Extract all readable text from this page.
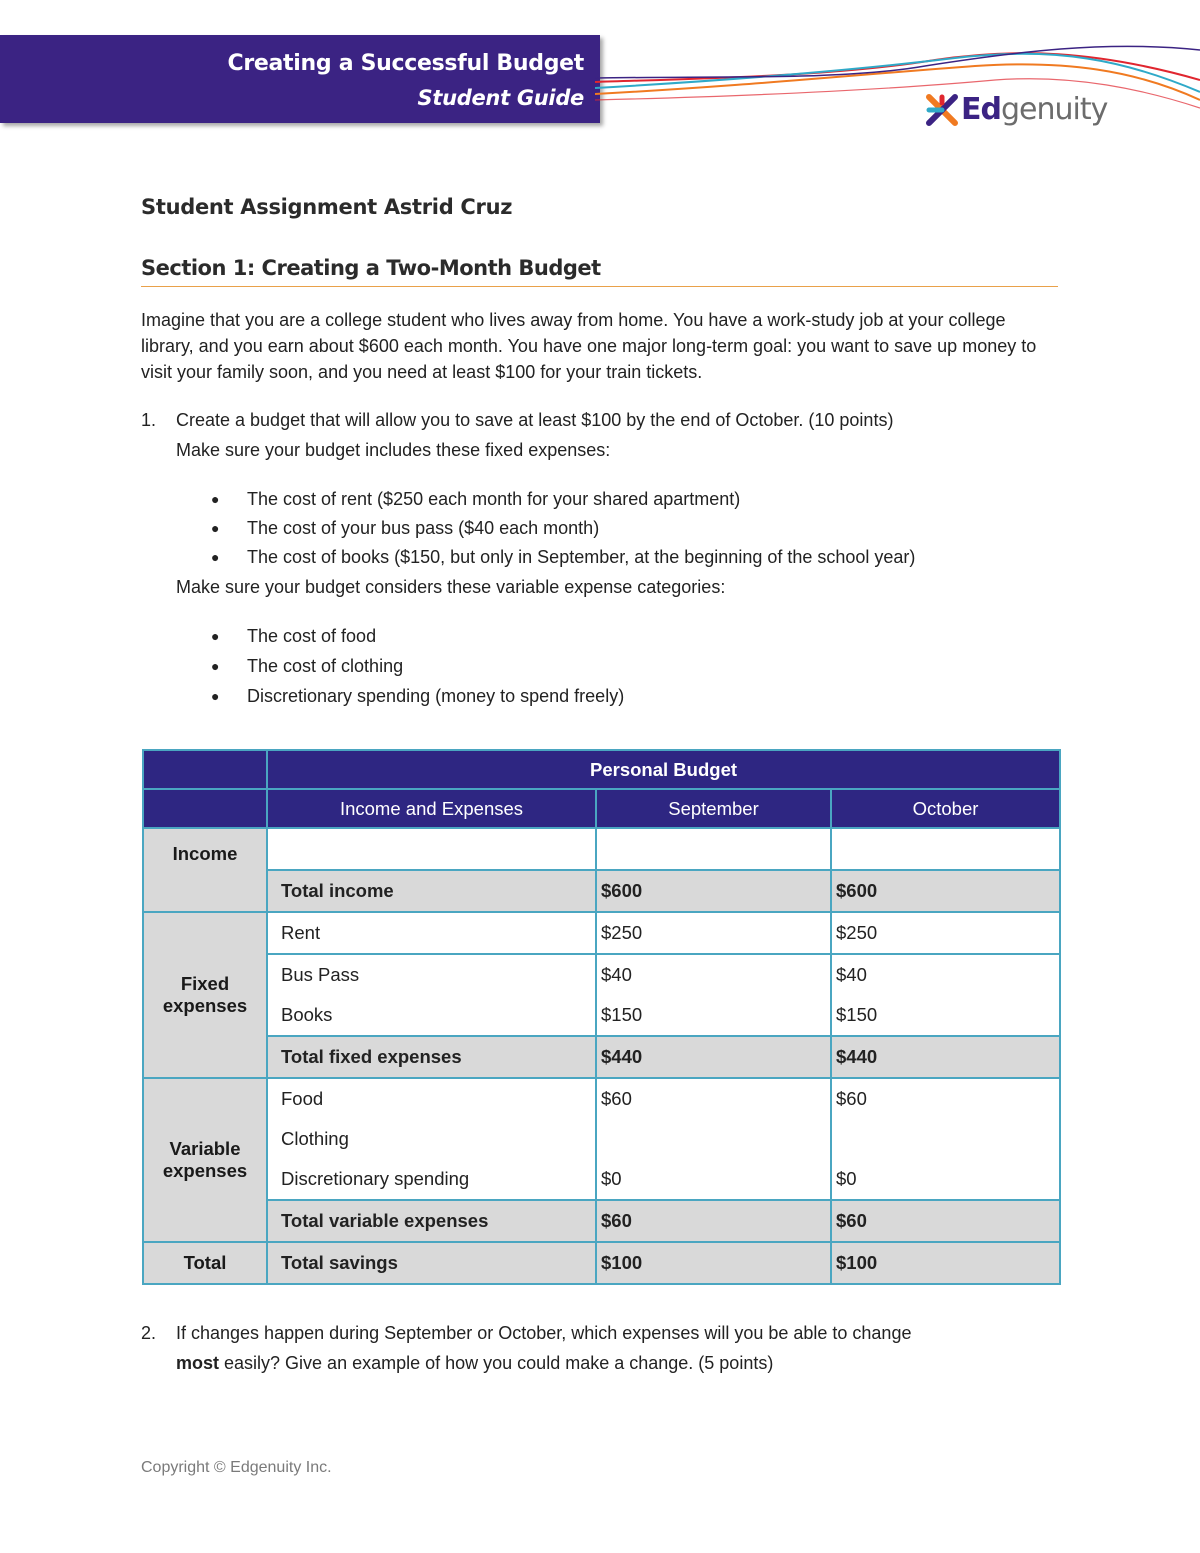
Creating a Successful Budget
Student Guide	Edgenuity
Student Assignment Astrid Cruz
Section 1: Creating a Two-Month Budget
Imagine that you are a college student who lives away from home. You have a work-study job at your college library, and you earn about $600 each month. You have one major long-term goal: you want to save up money to visit your family soon, and you need at least $100 for your train tickets.
1. Create a budget that will allow you to save at least $100 by the end of October. (10 points)
Make sure your budget includes these fixed expenses:
● The cost of rent ($250 each month for your shared apartment)
● The cost of your bus pass ($40 each month)
● The cost of books ($150, but only in September, at the beginning of the school year)
Make sure your budget considers these variable expense categories:
● The cost of food
● The cost of clothing
● Discretionary spending (money to spend freely)
	Personal Budget		
	Income and Expenses	September	October
Income			
	Total income	$600	$600

Fixed expenses	Rent	$250	$250
	Bus Pass	$40	$40
	Books	$150	$150
	Total fixed expenses	$440	$440

Variable expenses	Food	$60	$60
	Clothing		
	Discretionary spending	$0	$0
	Total variable expenses	$60	$60
Total	Total savings	$100	$100
2. If changes happen during September or October, which expenses will you be able to change
most easily? Give an example of how you could make a change. (5 points)
Copyright © Edgenuity Inc.
